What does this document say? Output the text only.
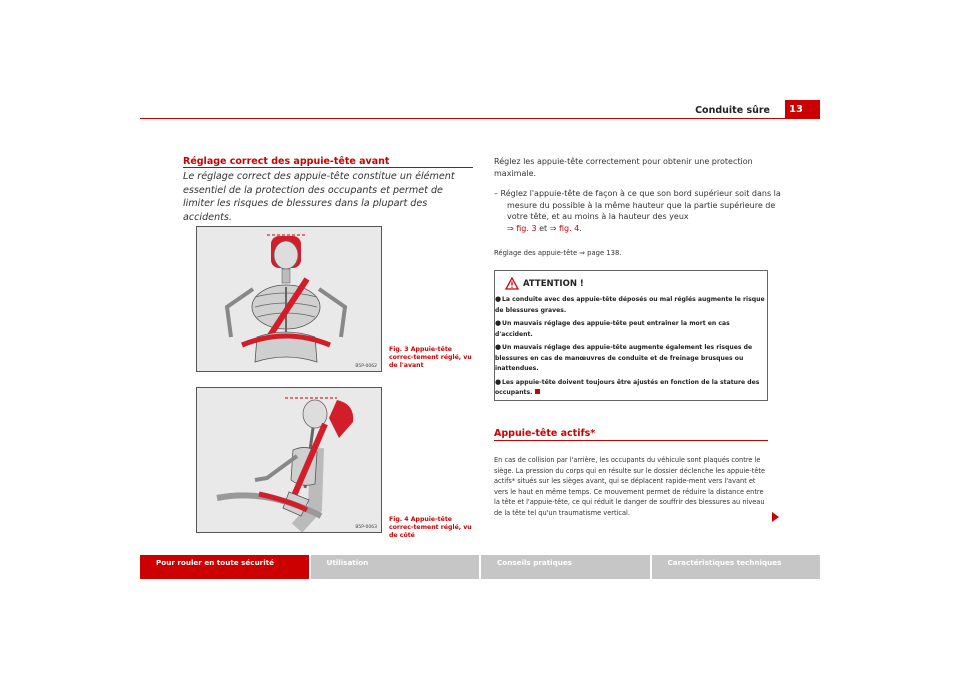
Conduite sûre	13
Réglage correct des appuie-tête avant
Le réglage correct des appuie-tête constitue un élément essentiel de la protection des occupants et permet de limiter les risques de blessures dans la plupart des accidents.
B5P-0062
Fig. 3 Appuie-tête correc-tement réglé, vu de l'avant
B5P-0063
Fig. 4 Appuie-tête correc-tement réglé, vu de côté
Réglez les appuie-tête correctement pour obtenir une protection maximale.
– Réglez l'appuie-tête de façon à ce que son bord supérieur soit dans la mesure du possible à la même hauteur que la partie supérieure de votre tête, et au moins à la hauteur des yeux
⇒ fig. 3 et ⇒ fig. 4.
Réglage des appuie-tête ⇒ page 138.
ATTENTION !
●La conduite avec des appuie-tête déposés ou mal réglés augmente le risque de blessures graves.
●Un mauvais réglage des appuie-tête peut entraîner la mort en cas d'accident.
●Un mauvais réglage des appuie-tête augmente également les risques de blessures en cas de manœuvres de conduite et de freinage brusques ou inattendues.
●Les appuie-tête doivent toujours être ajustés en fonction de la stature des occupants.
Appuie-tête actifs*
En cas de collision par l'arrière, les occupants du véhicule sont plaqués contre le siège. La pression du corps qui en résulte sur le dossier déclenche les appuie-tête actifs* situés sur les sièges avant, qui se déplacent rapide-ment vers l'avant et vers le haut en même temps. Ce mouvement permet de réduire la distance entre la tête et l'appuie-tête, ce qui réduit le danger de souffrir des blessures au niveau de la tête tel qu'un traumatisme vertical.
Pour rouler en toute sécurité	Utilisation	Conseils pratiques	Caractéristiques techniques
